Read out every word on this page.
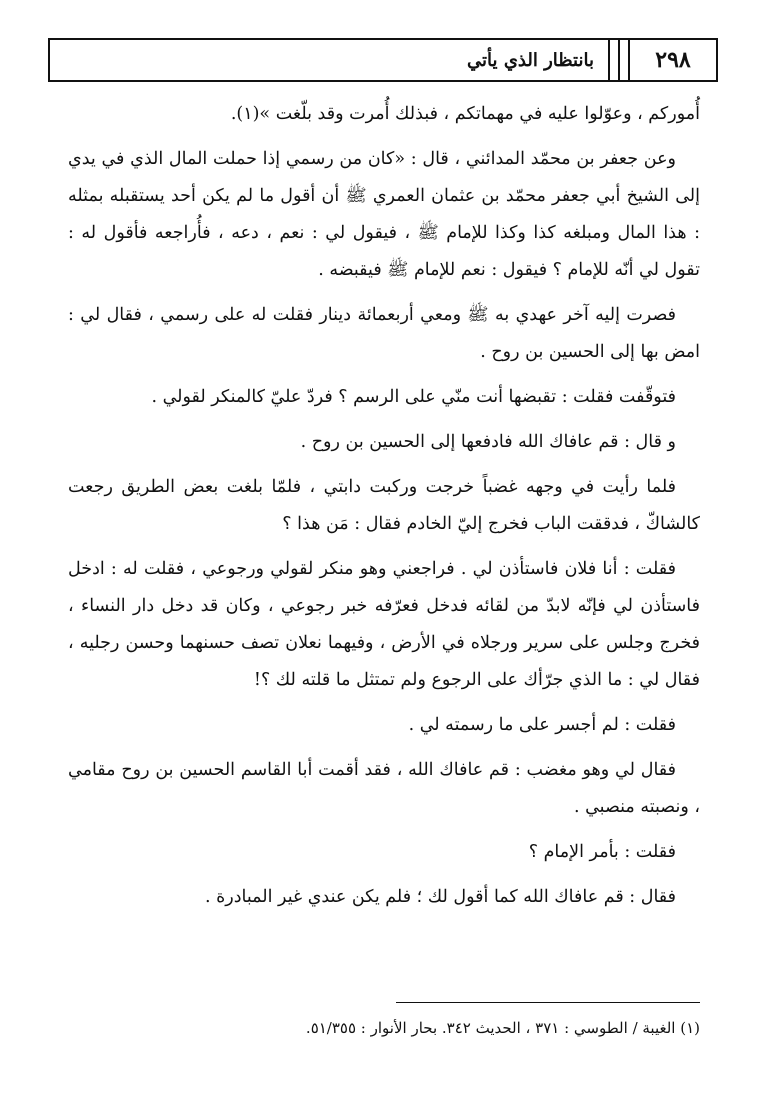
٢٩٨
بانتظار الذي يأتي

أُموركم ، وعوّلوا عليه في مهماتكم ، فبذلك أُمرت وقد بلّغت »(١).

وعن جعفر بن محمّد المدائني ، قال : «كان من رسمي إذا حملت المال الذي في يدي إلى الشيخ أبي جعفر محمّد بن عثمان العمري ﷺ أن أقول ما لم يكن أحد يستقبله بمثله : هذا المال ومبلغه كذا وكذا للإمام ﷺ ، فيقول لي : نعم ، دعه ، فأُراجعه فأقول له : تقول لي أنّه للإمام ؟ فيقول : نعم للإمام ﷺ فيقبضه .

فصرت إليه آخر عهدي به ﷺ ومعي أربعمائة دينار فقلت له على رسمي ، فقال لي : امض بها إلى الحسين بن روح .

فتوقّفت فقلت : تقبضها أنت منّي على الرسم ؟ فردّ عليّ كالمنكر لقولي .

و قال : قم عافاك الله فادفعها إلى الحسين بن روح .

فلما رأيت في وجهه غضباً خرجت وركبت دابتي ، فلمّا بلغت بعض الطريق رجعت كالشاكّ ، فدققت الباب فخرج إليّ الخادم فقال : مَن هذا ؟

فقلت : أنا فلان فاستأذن لي . فراجعني وهو منكر لقولي ورجوعي ، فقلت له : ادخل فاستأذن لي فإنّه لابدّ من لقائه فدخل فعرّفه خبر رجوعي ، وكان قد دخل دار النساء ، فخرج وجلس على سرير ورجلاه في الأرض ، وفيهما نعلان تصف حسنهما وحسن رجليه ، فقال لي : ما الذي جرّأك على الرجوع ولم تمتثل ما قلته لك ؟!

فقلت : لم أجسر على ما رسمته لي .

فقال لي وهو مغضب : قم عافاك الله ، فقد أقمت أبا القاسم الحسين بن روح مقامي ، ونصبته منصبي .

فقلت : بأمر الإمام ؟

فقال : قم عافاك الله كما أقول لك ؛ فلم يكن عندي غير المبادرة .

(١) الغيبة / الطوسي : ٣٧١ ، الحديث ٣٤٢. بحار الأنوار : ٥١/٣٥٥.
